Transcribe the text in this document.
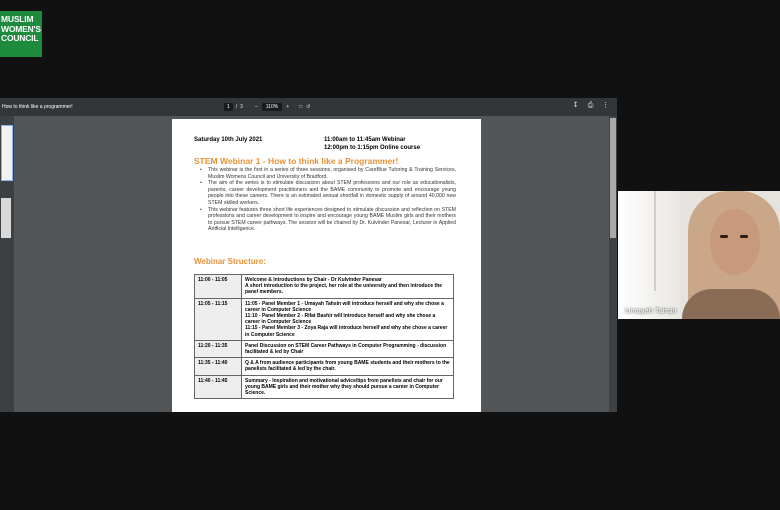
MUSLIM
WOMEN'S
COUNCIL
How to think like a programmer!	1	/ 3 –	110%	+ □ ↺	↧ ⎙ ⋮
Saturday 10th July 2021	11:00am to 11:45am Webinar
12:00pm to 1:15pm Online course
STEM Webinar 1 - How to think like a Programmer!
• This webinar is the first in a series of three sessions, organised by CareBlue Tutoring & Training Services, Muslim Womens Council and University of Bradford.
• The aim of the series is to stimulate discussion about STEM professions and our role as educationalists, parents, career development practitioners and the BAME community to promote and encourage young people into these careers. There is an estimated annual shortfall in domestic supply of around 40,000 new STEM skilled workers.
• This webinar features three short life experiences designed to stimulate discussion and reflection on STEM professions and career development to inspire and encourage young BAME Muslim girls and their mothers to pursue STEM career pathways. The session will be chaired by Dr. Kulvinder Panesar, Lecturer in Applied Artificial Intelligence.
Webinar Structure:
11:00 - 11:05	Welcome & Introductions by Chair - Dr Kulvinder Panesar
A short introduction to the project, her role at the university and then introduce the panel members.
11:05 - 11:15	11:05 - Panel Member 1 - Umayah Tahsin will introduce herself and why she chose a career in Computer Science
11:10 - Panel Member 2 - Rifat Bashir will introduce herself and why she chose a career in Computer Science
11:15 - Panel Member 3 - Zoya Raja will introduce herself and why she chose a career in Computer Science
11:20 - 11:35	Panel Discussion on STEM Career Pathways in Computer Programming - discussion facilitated & led by Chair
11:35 - 11:40	Q & A from audience participants from young BAME students and their mothers to the panelists facilitated & led by the chair.
11:40 - 11:45	Summary - Inspiration and motivational advice/tips from panelists and chair for our young BAME girls and their mother why they should pursue a career in Computer Science.
Umayah Tahsin
